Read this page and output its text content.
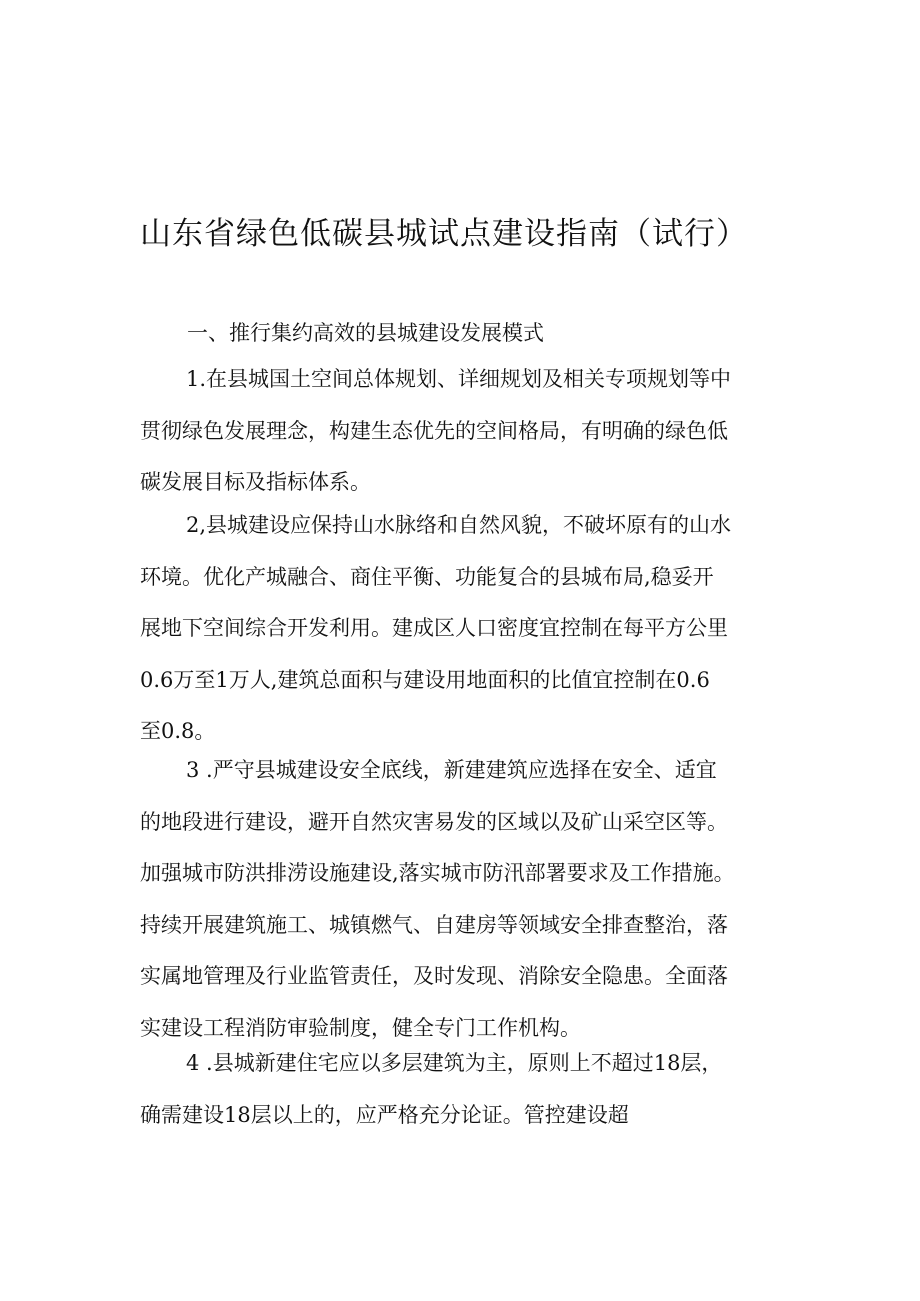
山东省绿色低碳县城试点建设指南（试行）
一、推行集约高效的县城建设发展模式
1.在县城国土空间总体规划、详细规划及相关专项规划等中
贯彻绿色发展理念，构建生态优先的空间格局，有明确的绿色低
碳发展目标及指标体系。
2,县城建设应保持山水脉络和自然风貌，不破坏原有的山水
环境。优化产城融合、商住平衡、功能复合的县城布局,稳妥开
展地下空间综合开发利用。建成区人口密度宜控制在每平方公里
0.6万至1万人,建筑总面积与建设用地面积的比值宜控制在0.6
至0.8。
3 .严守县城建设安全底线，新建建筑应选择在安全、适宜
的地段进行建设，避开自然灾害易发的区域以及矿山采空区等。
加强城市防洪排涝设施建设,落实城市防汛部署要求及工作措施。
持续开展建筑施工、城镇燃气、自建房等领域安全排查整治，落
实属地管理及行业监管责任，及时发现、消除安全隐患。全面落
实建设工程消防审验制度，健全专门工作机构。
4 .县城新建住宅应以多层建筑为主，原则上不超过18层，
确需建设18层以上的，应严格充分论证。管控建设超
